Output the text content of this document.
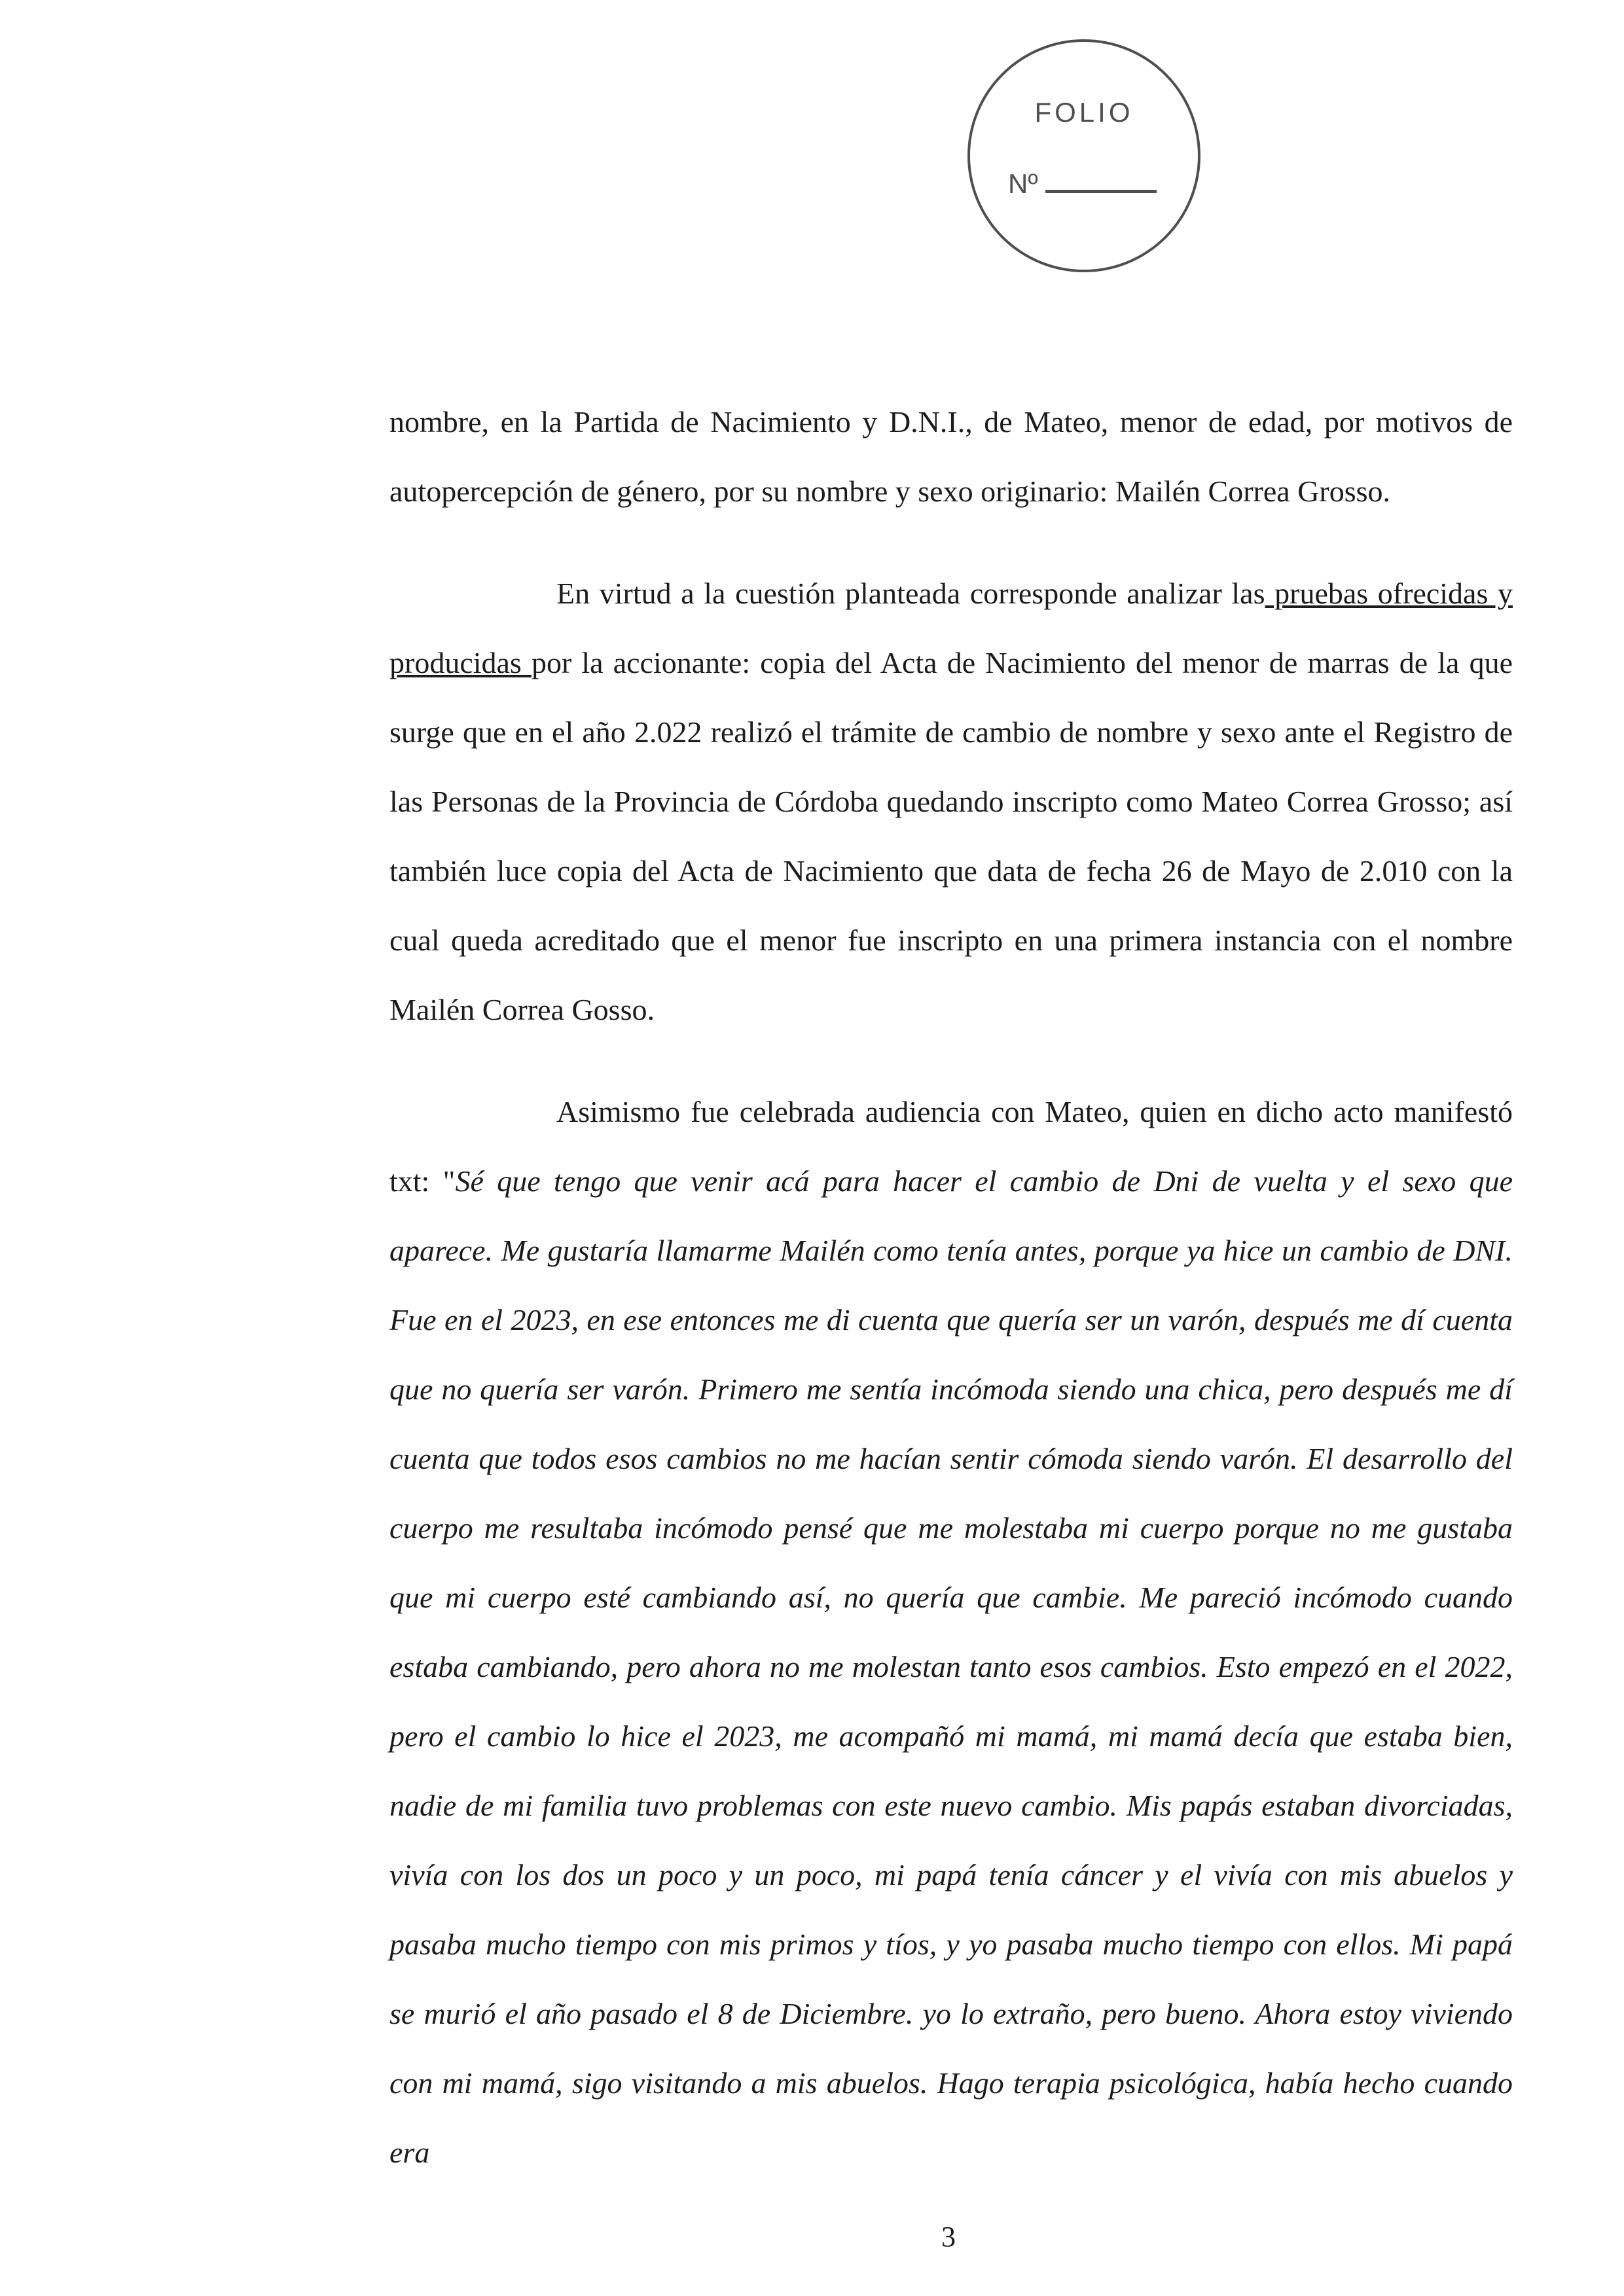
FOLIO
Nº

nombre, en la Partida de Nacimiento y D.N.I., de Mateo, menor de edad, por motivos de autopercepción de género, por su nombre y sexo originario: Mailén Correa Grosso.

En virtud a la cuestión planteada corresponde analizar las pruebas ofrecidas y producidas por la accionante: copia del Acta de Nacimiento del menor de marras de la que surge que en el año 2.022 realizó el trámite de cambio de nombre y sexo ante el Registro de las Personas de la Provincia de Córdoba quedando inscripto como Mateo Correa Grosso; así también luce copia del Acta de Nacimiento que data de fecha 26 de Mayo de 2.010 con la cual queda acreditado que el menor fue inscripto en una primera instancia con el nombre Mailén Correa Gosso.

Asimismo fue celebrada audiencia con Mateo, quien en dicho acto manifestó txt: "Sé que tengo que venir acá para hacer el cambio de Dni de vuelta y el sexo que aparece. Me gustaría llamarme Mailén como tenía antes, porque ya hice un cambio de DNI. Fue en el 2023, en ese entonces me di cuenta que quería ser un varón, después me dí cuenta que no quería ser varón. Primero me sentía incómoda siendo una chica, pero después me dí cuenta que todos esos cambios no me hacían sentir cómoda siendo varón. El desarrollo del cuerpo me resultaba incómodo pensé que me molestaba mi cuerpo porque no me gustaba que mi cuerpo esté cambiando así, no quería que cambie. Me pareció incómodo cuando estaba cambiando, pero ahora no me molestan tanto esos cambios. Esto empezó en el 2022, pero el cambio lo hice el 2023, me acompañó mi mamá, mi mamá decía que estaba bien, nadie de mi familia tuvo problemas con este nuevo cambio. Mis papás estaban divorciadas, vivía con los dos un poco y un poco, mi papá tenía cáncer y el vivía con mis abuelos y pasaba mucho tiempo con mis primos y tíos, y yo pasaba mucho tiempo con ellos. Mi papá se murió el año pasado el 8 de Diciembre. yo lo extraño, pero bueno. Ahora estoy viviendo con mi mamá, sigo visitando a mis abuelos. Hago terapia psicológica, había hecho cuando era

3
